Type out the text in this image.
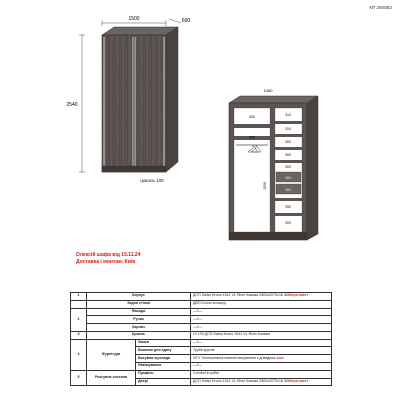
КП 2500B2
1500	600
2540
цоколь 100
560
330
1500
310
310
300
300
300
164
164
250
300
1400
Олексій шафа від 15.11.24
Доставка і монтаж: Київ
1	Корпус		ДСП Swiss Krono 1541 VL Ясен Коимка 2800х2070х18 3260грн./лист
	Задня стінка		ДВП Білого кольору
2	Фасади		—//—
	Ручки		—//—
	Карниз		—//—
3	Цоколь		H=100 ДСП Swiss Krono 1541 VL Ясен Коимка
4	Фурнітура	Замки	—//—
		Вішалки для одягу	Труба кругла
		Висувна шухляда	GTV Телескопічна повного висування з доводкою 2шт.
		Навішування	—//—
5	Розсувна система	Профіль	Comfort в сріблі
		Двері	ДСП Swiss Krono 1541 VL Ясен Коимка 2800х2070х18 3260грн./лист
